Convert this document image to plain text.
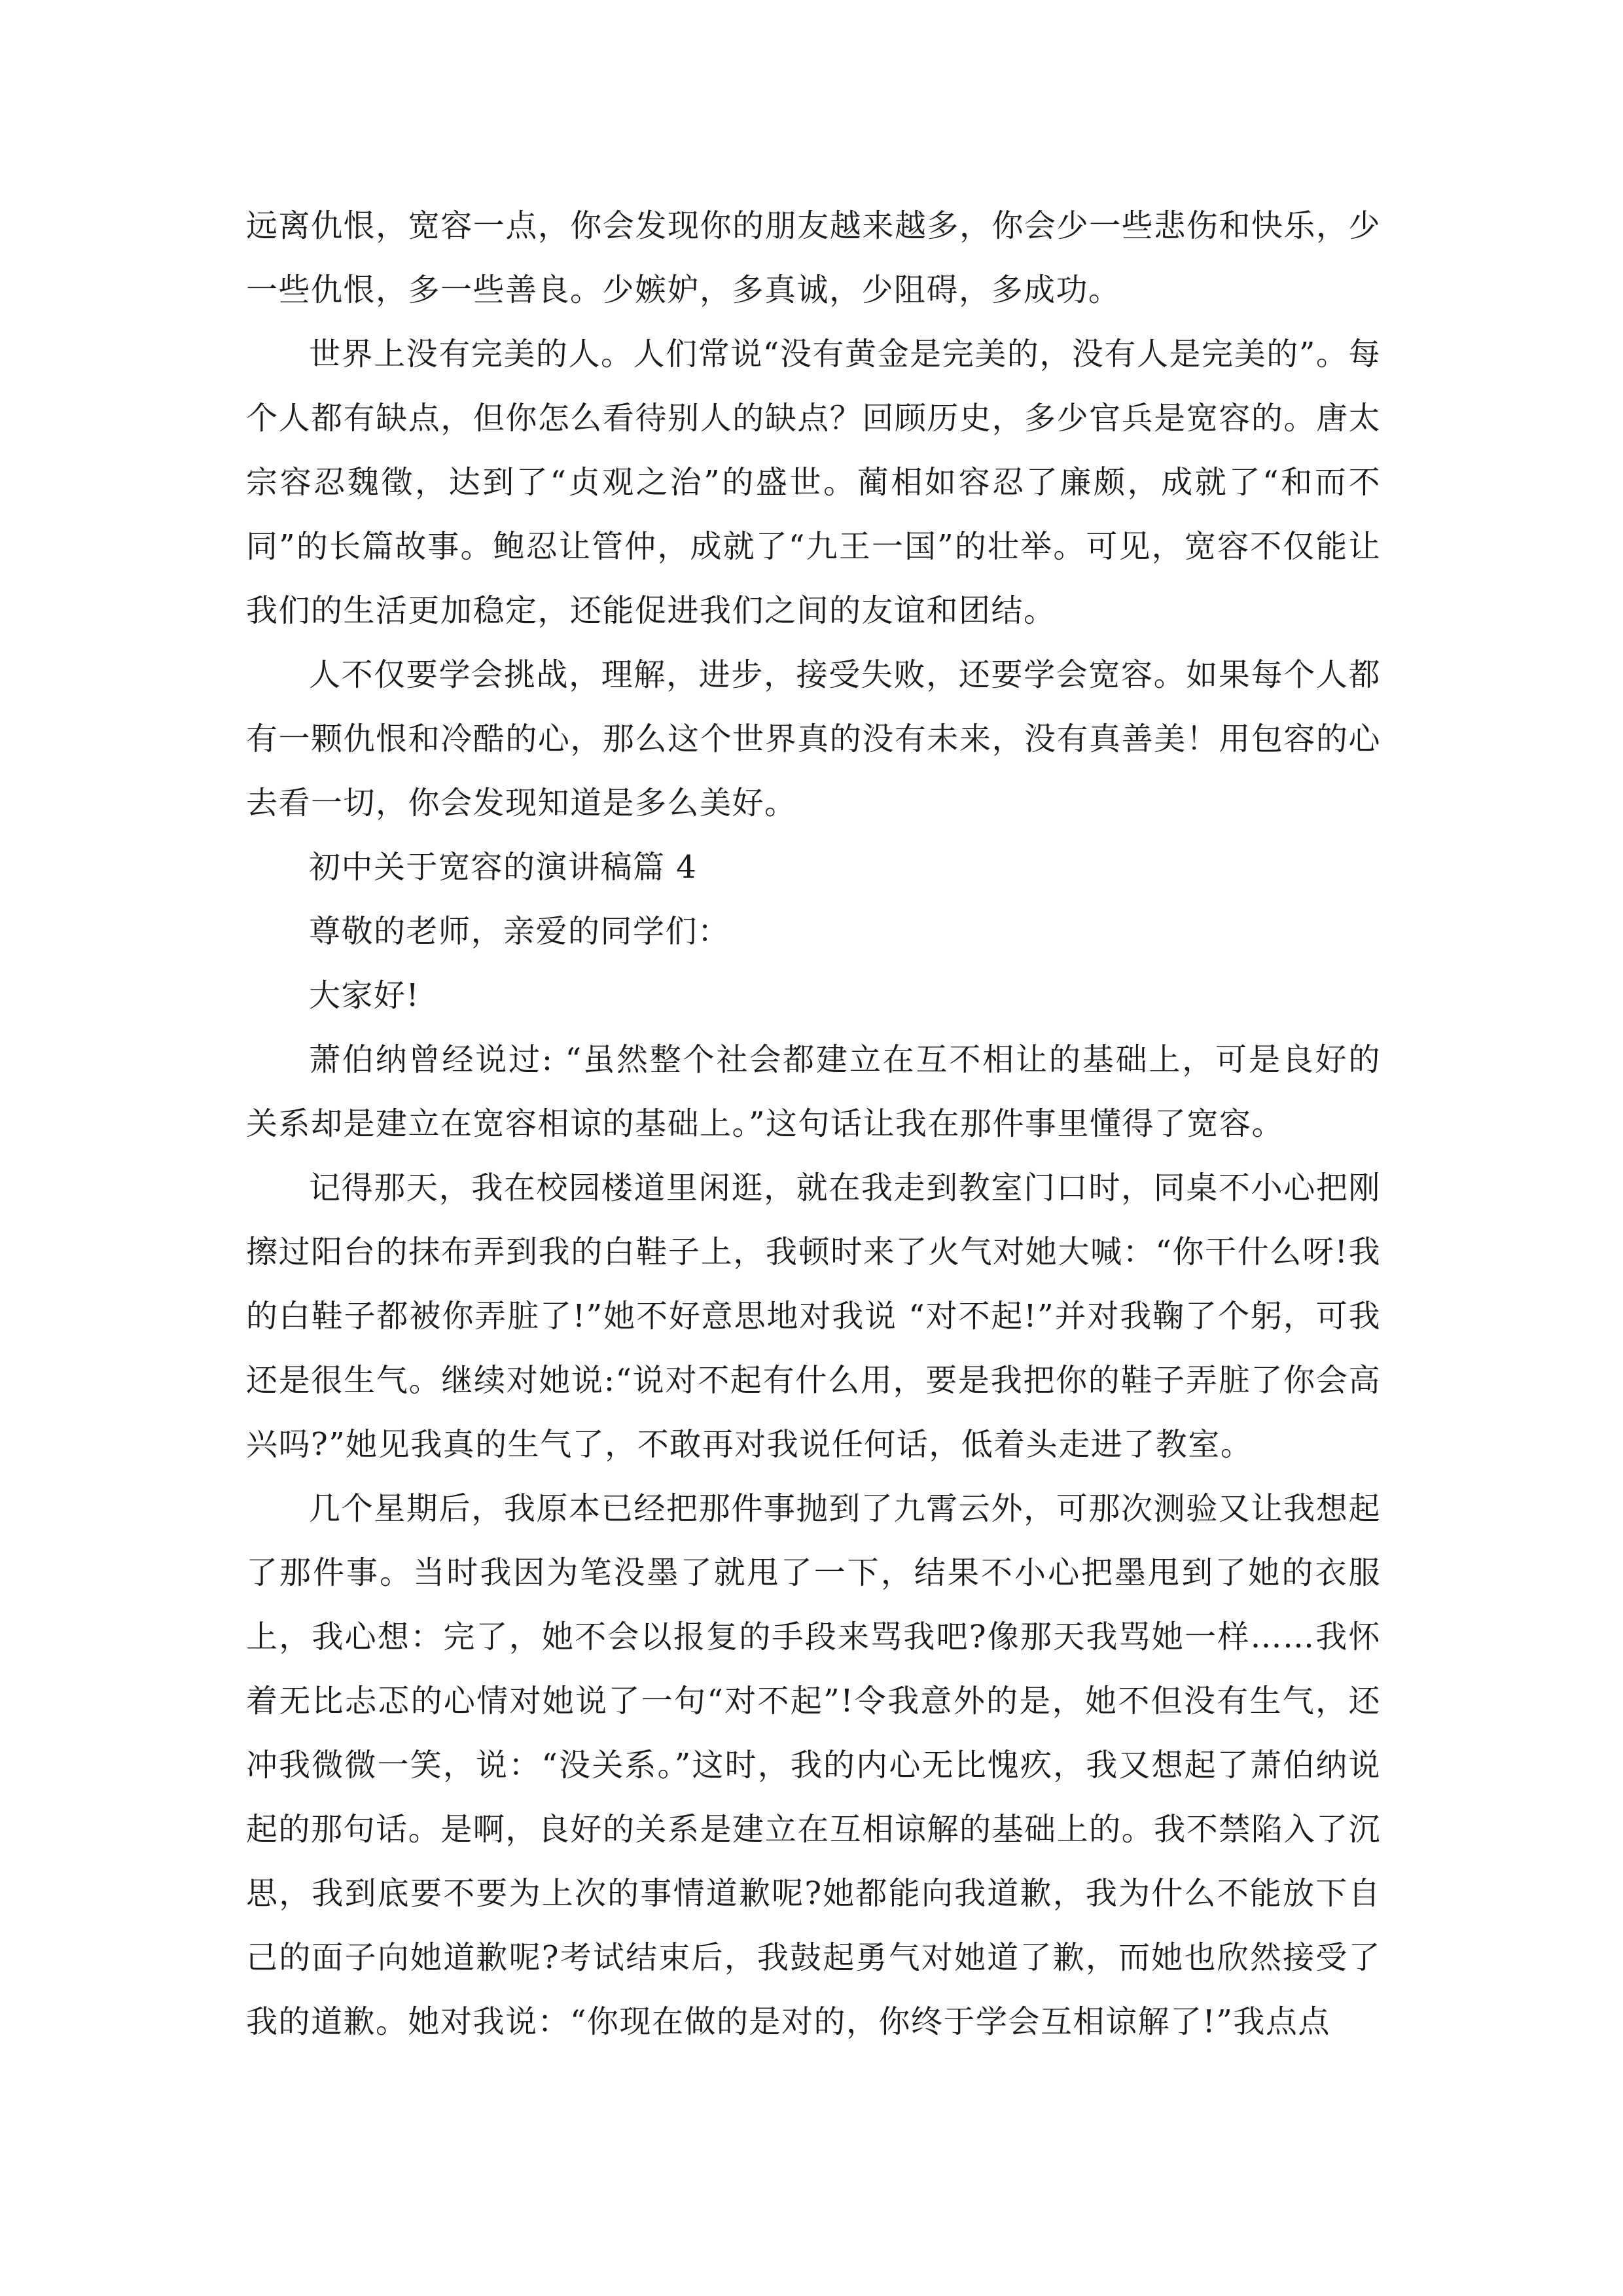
远离仇恨，宽容一点，你会发现你的朋友越来越多，你会少一些悲伤和快乐，少一些仇恨，多一些善良。少嫉妒，多真诚，少阻碍，多成功。

世界上没有完美的人。人们常说“没有黄金是完美的，没有人是完美的”。每个人都有缺点，但你怎么看待别人的缺点？回顾历史，多少官兵是宽容的。唐太宗容忍魏徵，达到了“贞观之治”的盛世。蔺相如容忍了廉颇，成就了“和而不同”的长篇故事。鲍忍让管仲，成就了“九王一国”的壮举。可见，宽容不仅能让我们的生活更加稳定，还能促进我们之间的友谊和团结。

人不仅要学会挑战，理解，进步，接受失败，还要学会宽容。如果每个人都有一颗仇恨和冷酷的心，那么这个世界真的没有未来，没有真善美！用包容的心去看一切，你会发现知道是多么美好。

初中关于宽容的演讲稿篇 4

尊敬的老师，亲爱的同学们：

大家好!

萧伯纳曾经说过: “虽然整个社会都建立在互不相让的基础上，可是良好的关系却是建立在宽容相谅的基础上。”这句话让我在那件事里懂得了宽容。

记得那天，我在校园楼道里闲逛，就在我走到教室门口时，同桌不小心把刚擦过阳台的抹布弄到我的白鞋子上，我顿时来了火气对她大喊：“你干什么呀!我的白鞋子都被你弄脏了!”她不好意思地对我说 “对不起!”并对我鞠了个躬，可我还是很生气。继续对她说:“说对不起有什么用，要是我把你的鞋子弄脏了你会高兴吗?”她见我真的生气了，不敢再对我说任何话，低着头走进了教室。

几个星期后，我原本已经把那件事抛到了九霄云外，可那次测验又让我想起了那件事。当时我因为笔没墨了就甩了一下，结果不小心把墨甩到了她的衣服上，我心想：完了，她不会以报复的手段来骂我吧?像那天我骂她一样……我怀着无比忐忑的心情对她说了一句“对不起”!令我意外的是，她不但没有生气，还冲我微微一笑，说：“没关系。”这时，我的内心无比愧疚，我又想起了萧伯纳说起的那句话。是啊，良好的关系是建立在互相谅解的基础上的。我不禁陷入了沉思，我到底要不要为上次的事情道歉呢?她都能向我道歉，我为什么不能放下自己的面子向她道歉呢?考试结束后，我鼓起勇气对她道了歉，而她也欣然接受了我的道歉。她对我说：“你现在做的是对的，你终于学会互相谅解了!”我点点
